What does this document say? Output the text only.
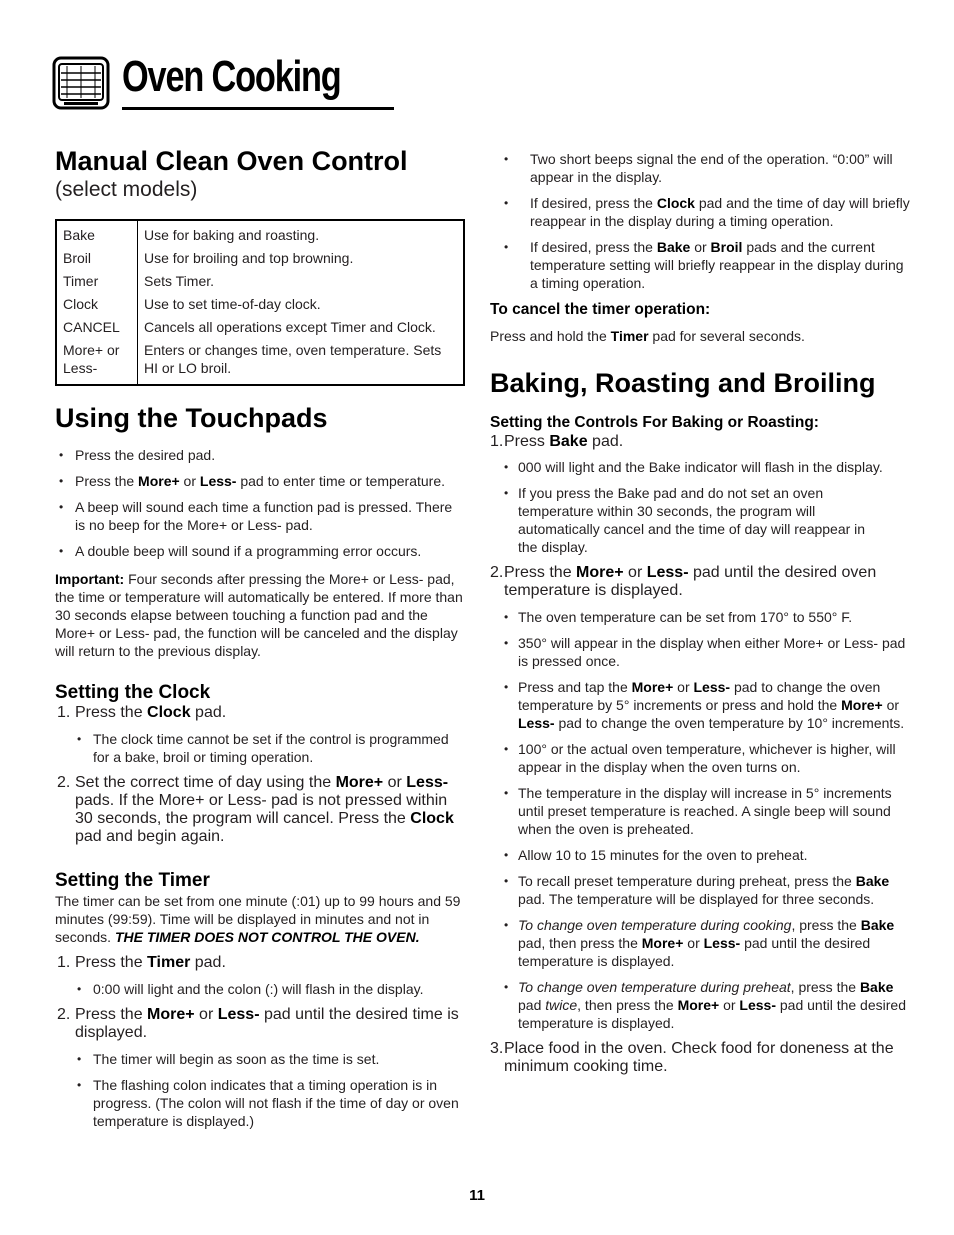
Oven Cooking
Manual Clean Oven Control
(select models)
Bake	Use for baking and roasting.
Broil	Use for broiling and top browning.
Timer	Sets Timer.
Clock	Use to set time-of-day clock.
CANCEL	Cancels all operations except Timer and Clock.
More+ or Less-	Enters or changes time, oven temperature. Sets HI or LO broil.
Using the Touchpads
• Press the desired pad.
• Press the More+ or Less- pad to enter time or temperature.
• A beep will sound each time a function pad is pressed. There is no beep for the More+ or Less- pad.
• A double beep will sound if a programming error occurs.

Important: Four seconds after pressing the More+ or Less- pad, the time or temperature will automatically be entered. If more than 30 seconds elapse between touching a function pad and the More+ or Less- pad, the function will be canceled and the display will return to the previous display.

Setting the Clock
1. Press the Clock pad.
• The clock time cannot be set if the control is programmed for a bake, broil or timing operation.
2. Set the correct time of day using the More+ or Less- pads. If the More+ or Less- pad is not pressed within 30 seconds, the program will cancel. Press the Clock pad and begin again.
Setting the Timer

The timer can be set from one minute (:01) up to 99 hours and 59 minutes (99:59). Time will be displayed in minutes and not in seconds. THE TIMER DOES NOT CONTROL THE OVEN.

1. Press the Timer pad.
• 0:00 will light and the colon (:) will flash in the display.
2. Press the More+ or Less- pad until the desired time is displayed.
• The timer will begin as soon as the time is set.
• The flashing colon indicates that a timing operation is in progress. (The colon will not flash if the time of day or oven temperature is displayed.)
• Two short beeps signal the end of the operation. “0:00” will appear in the display.
• If desired, press the Clock pad and the time of day will briefly reappear in the display during a timing operation.
• If desired, press the Bake or Broil pads and the current temperature setting will briefly reappear in the display during a timing operation.
To cancel the timer operation:

Press and hold the Timer pad for several seconds.

Baking, Roasting and Broiling
Setting the Controls For Baking or Roasting:
1. Press Bake pad.
• 000 will light and the Bake indicator will flash in the display.
• If you press the Bake pad and do not set an oven temperature within 30 seconds, the program will automatically cancel and the time of day will reappear in the display.
2. Press the More+ or Less- pad until the desired oven temperature is displayed.
• The oven temperature can be set from 170° to 550° F.
• 350° will appear in the display when either More+ or Less- pad is pressed once.
• Press and tap the More+ or Less- pad to change the oven temperature by 5° increments or press and hold the More+ or Less- pad to change the oven temperature by 10° increments.
• 100° or the actual oven temperature, whichever is higher, will appear in the display when the oven turns on.
• The temperature in the display will increase in 5° increments until preset temperature is reached. A single beep will sound when the oven is preheated.
• Allow 10 to 15 minutes for the oven to preheat.
• To recall preset temperature during preheat, press the Bake pad. The temperature will be displayed for three seconds.
• To change oven temperature during cooking, press the Bake pad, then press the More+ or Less- pad until the desired temperature is displayed.
• To change oven temperature during preheat, press the Bake pad twice, then press the More+ or Less- pad until the desired temperature is displayed.
3. Place food in the oven. Check food for doneness at the minimum cooking time.
11
